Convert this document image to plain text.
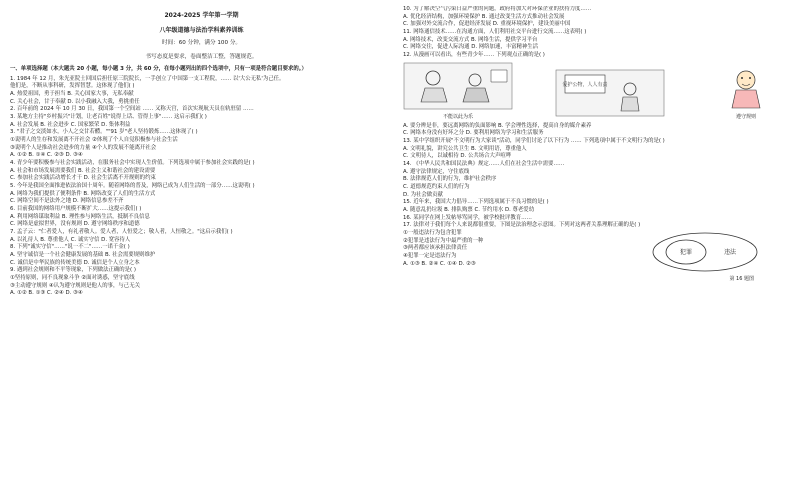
2024-2025 学年第一学期
八年级道德与法治学科素养训练
时间：60 分钟，满分 100 分。
书写态度是要求，卷面整洁工整，答题规范。
一、单项选择题（本大题共 20 小题，每小题 3 分，共 60 分，在每小题列出的四个选项中，只有一项是符合题目要求的。）

1. 1984 年 12 月，朱光亚院士回国后担任原三院院长，一手创立了中国第一支工程院，…… 以'大公无私'为己任。

他们是，不断从事科研，发挥智慧。这体现了他们( )

A. 热爱祖国，勇于担当 B. 关心国家大事，无私奉献

C. 关心社会，甘于奉献 D. 以小我融入大我，勇挑重任

2. 百年前的 2024 年 10 月 30 日，我国第一个空间站 …… 又称天宫，首次实现航天员在轨驻留 ……

3. 某地方主持"乡村振兴"计划，让老百姓"说得上话、管得上事"…… 这启示我们( )

A. 社会发展 B. 社会进步 C. 国家繁荣 D. 集体利益

3. "君子之交淡如水，小人之交甘若醴。""91 岁"老人坚持锻炼……这体现了( )

①说明人的生存和发展离不开社会 ②体现了个人自觉积极参与社会生活

③说明个人是推动社会进步的力量 ④个人的发展不能离开社会

A. ①② B. ①④ C. ②③ D. ③④

4. 青少年要积极参与社会实践活动，在服务社会中实现人生价值。下列选项中属于参加社会实践的是( )

A. 社会和市场发展需要我们 B. 社会主义和谐社会的建设需要

C. 参加社会实践活动增长才干 D. 社会生活离不开规则的约束

5. 今年是我国全面推进依法治国十周年。随着网络的普及，网络已成为人们生活的一部分……这说明( )

A. 网络为我们提供了便利条件 B. 网络改变了人们的生活方式

C. 网络空间不是法外之地 D. 网络信息参差不齐

6. 目前我国的网络用户规模不断扩大……这提示我们( )

A. 利用网络谋取利益 B. 理性参与网络生活，抵制不良信息

C. 网络是虚拟世界，没有规则 D. 遵守网络秩序和道德

7. 孟子云："仁者爱人，有礼者敬人。爱人者，人恒爱之；敬人者，人恒敬之。"这启示我们( )

A. 以礼待人 B. 尊重他人 C. 诚实守信 D. 宽容待人

8. 下列"诚实守信"……"说一不二"……一诺千金( )

A. 坚守诚信是一个社会健康发展的基础 B. 社会需要规则维护

C. 诚信是中华民族的传统美德 D. 诚信是个人立身之本

9. 遇到社会规则和不平等现象，下列做法正确的是( )

①坚持原则，同不良现象斗争 ②面对诱惑，坚守底线

③主动遵守规则 ④认为遵守规则是他人的事，与己无关

A. ①② B. ①③ C. ②④ D. ③④

10. 为了解决空气污染日益严重的问题，政府将加大对环保企业的扶持力度……

A. 优化经济结构，加强环境保护 B. 通过改变生活方式推动社会发展

C. 加强对外交流合作，促进经济发展 D. 重视环境保护，建设美丽中国

11. 网络通信技术……在沟通方面，人们利用社交平台进行交流……这表明( )

A. 网络技术，改变交流方式 B. 网络生活，提供学习平台

C. 网络交往，促进人际沟通 D. 网络加速，丰富精神生活

12. 从漫画可以看出，有些青少年…… 下列观点正确的是( )

不能以此为乐
爱护公物，人人有责
遵守规则

A. 要分辨是非，要远离网络的负面影响 B. 学会理性选择，提高自身的媒介素养

C. 网络本身没有好坏之分 D. 要利用网络为学习和生活服务

13. 某中学组织开展"不文明行为大家谈"活动，同学们讨论了以下行为 …… 下列选项中属于不文明行为的是( )

A. 文明礼貌，讲究公共卫生 B. 文明用语，尊重他人

C. 文明待人，以诚相待 D. 公共场合大声喧哗

14. 《中华人民共和国民法典》规定……人们在社会生活中需要……

A. 遵守法律规定，守住底线

B. 法律规范人们的行为，维护社会秩序

C. 道德规范约束人们的行为

D. 为社会做贡献

15. 近年来，我国大力倡导……下列选项属于不良习惯的是( )

A. 随意乱扔垃圾 B. 排队购票 C. 节约用水 D. 尊老爱幼

16. 某同学在网上发帖辱骂同学，被学校批评教育……

17. 法律对于我们每个人来说都很重要，下图是法治理念示意图。下列对这两者关系理解正确的是( )

①一般违法行为包含犯罪

②犯罪是违法行为中最严重的一种

③两者都应该承担法律责任

④犯罪一定是违法行为

A. ①③ B. ②④ C. ①④ D. ②③

犯罪	违法
第 16 题图
